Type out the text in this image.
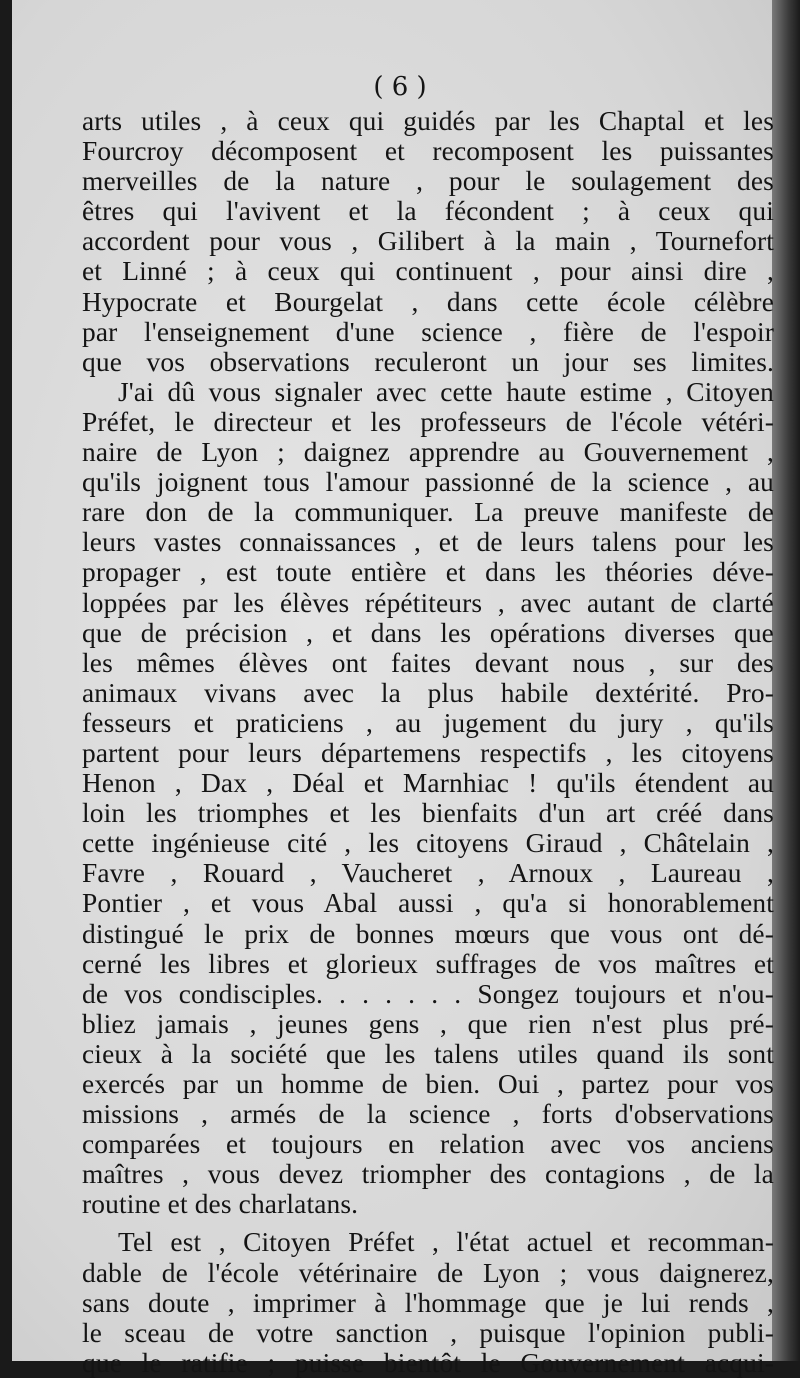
( 6 )
arts utiles , à ceux qui guidés par les Chaptal et les
Fourcroy décomposent et recomposent les puissantes
merveilles de la nature , pour le soulagement des
êtres qui l'avivent et la fécondent ; à ceux qui
accordent pour vous , Gilibert à la main , Tournefort
et Linné ; à ceux qui continuent , pour ainsi dire ,
Hypocrate et Bourgelat , dans cette école célèbre
par l'enseignement d'une science , fière de l'espoir
que vos observations reculeront un jour ses limites.
J'ai dû vous signaler avec cette haute estime , Citoyen
Préfet, le directeur et les professeurs de l'école vétéri-
naire de Lyon ; daignez apprendre au Gouvernement ,
qu'ils joignent tous l'amour passionné de la science , au
rare don de la communiquer. La preuve manifeste de
leurs vastes connaissances , et de leurs talens pour les
propager , est toute entière et dans les théories déve-
loppées par les élèves répétiteurs , avec autant de clarté
que de précision , et dans les opérations diverses que
les mêmes élèves ont faites devant nous , sur des
animaux vivans avec la plus habile dextérité. Pro-
fesseurs et praticiens , au jugement du jury , qu'ils
partent pour leurs départemens respectifs , les citoyens
Henon , Dax , Déal et Marnhiac ! qu'ils étendent au
loin les triomphes et les bienfaits d'un art créé dans
cette ingénieuse cité , les citoyens Giraud , Châtelain ,
Favre , Rouard , Vaucheret , Arnoux , Laureau ,
Pontier , et vous Abal aussi , qu'a si honorablement
distingué le prix de bonnes mœurs que vous ont dé-
cerné les libres et glorieux suffrages de vos maîtres et
de vos condisciples. . . . . . . Songez toujours et n'ou-
bliez jamais , jeunes gens , que rien n'est plus pré-
cieux à la société que les talens utiles quand ils sont
exercés par un homme de bien. Oui , partez pour vos
missions , armés de la science , forts d'observations
comparées et toujours en relation avec vos anciens
maîtres , vous devez triompher des contagions , de la
routine et des charlatans.
Tel est , Citoyen Préfet , l'état actuel et recomman-
dable de l'école vétérinaire de Lyon ; vous daignerez,
sans doute , imprimer à l'hommage que je lui rends ,
le sceau de votre sanction , puisque l'opinion publi-
que le ratifie ; puisse bientôt le Gouvernement acqui-
